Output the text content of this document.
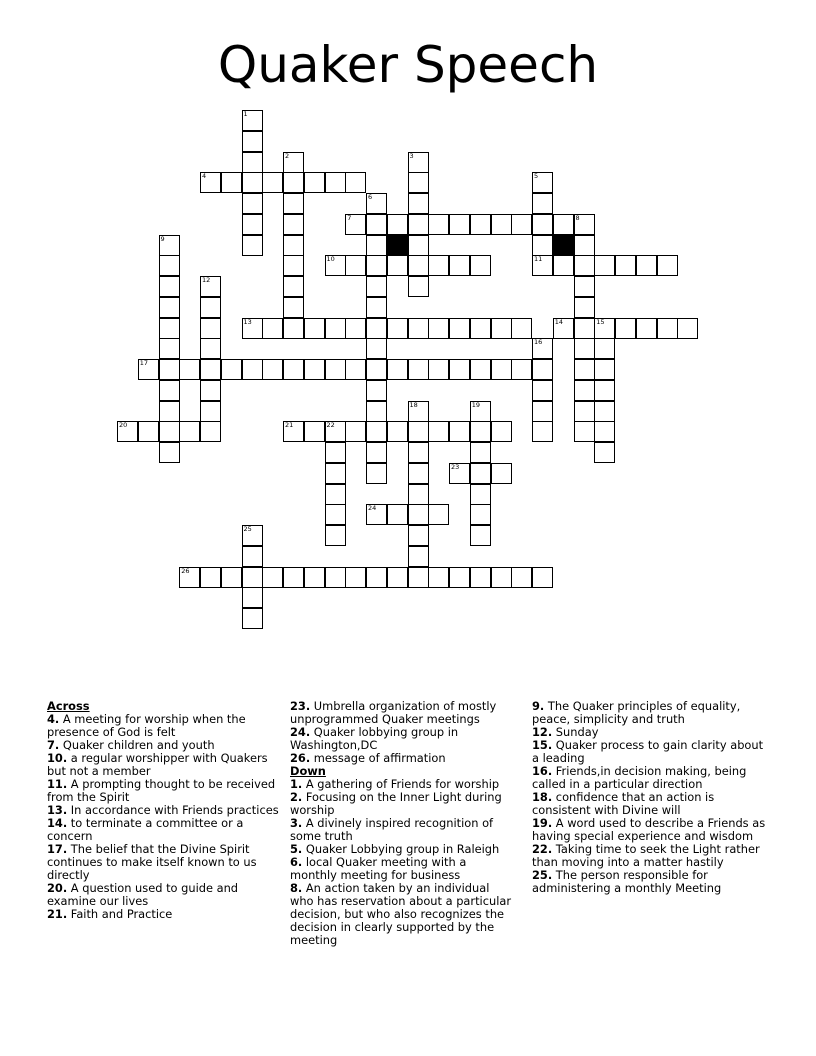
Quaker Speech
1
2	3
4	5
6
7	8
9
10	11
12
13	14	15
16
17
18	19
20	21	22
23
24
25
26
Across
4. A meeting for worship when the presence of God is felt
7. Quaker children and youth
10. a regular worshipper with Quakers but not a member
11. A prompting thought to be received from the Spirit
13. In accordance with Friends practices
14. to terminate a committee or a concern
17. The belief that the Divine Spirit continues to make itself known to us directly
20. A question used to guide and examine our lives
21. Faith and Practice
23. Umbrella organization of mostly unprogrammed Quaker meetings
24. Quaker lobbying group in Washington,DC
26. message of affirmation
Down
1. A gathering of Friends for worship
2. Focusing on the Inner Light during worship
3. A divinely inspired recognition of some truth
5. Quaker Lobbying group in Raleigh
6. local Quaker meeting with a monthly meeting for business
8. An action taken by an individual who has reservation about a particular decision, but who also recognizes the decision in clearly supported by the meeting
9. The Quaker principles of equality, peace, simplicity and truth
12. Sunday
15. Quaker process to gain clarity about a leading
16. Friends,in decision making, being called in a particular direction
18. confidence that an action is consistent with Divine will
19. A word used to describe a Friends as having special experience and wisdom
22. Taking time to seek the Light rather than moving into a matter hastily
25. The person responsible for administering a monthly Meeting
